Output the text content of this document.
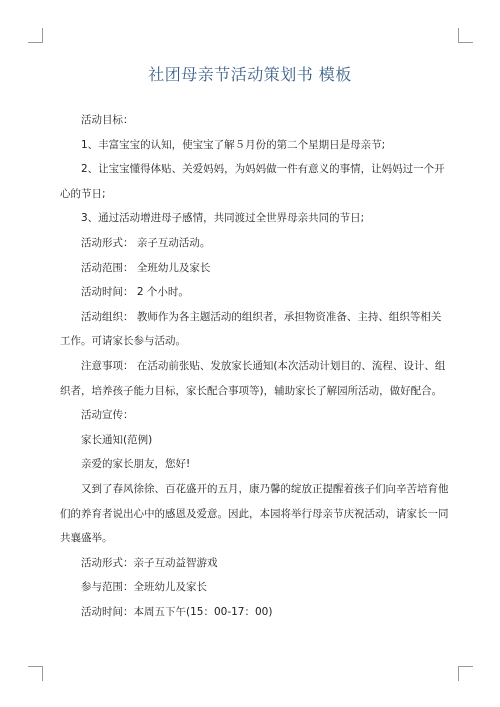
社团母亲节活动策划书 模板

活动目标：

1、丰富宝宝的认知，使宝宝了解５月份的第二个星期日是母亲节;

2、让宝宝懂得体贴、关爱妈妈，为妈妈做一件有意义的事情，让妈妈过一个开心的节日;

3、通过活动增进母子感情，共同渡过全世界母亲共同的节日;

活动形式： 亲子互动活动。

活动范围： 全班幼儿及家长

活动时间： 2 个小时。

活动组织： 教师作为各主题活动的组织者，承担物资准备、主持、组织等相关工作。可请家长参与活动。

注意事项： 在活动前张贴、发放家长通知(本次活动计划目的、流程、设计、组织者，培养孩子能力目标，家长配合事项等)，辅助家长了解园所活动，做好配合。

活动宣传：

家长通知(范例)

亲爱的家长朋友，您好!

又到了春风徐徐、百花盛开的五月，康乃馨的绽放正提醒着孩子们向辛苦培育他们的养育者说出心中的感恩及爱意。因此，本园将举行母亲节庆祝活动，请家长一同共襄盛举。

活动形式：亲子互动益智游戏

参与范围：全班幼儿及家长

活动时间：本周五下午(15：00-17：00)
